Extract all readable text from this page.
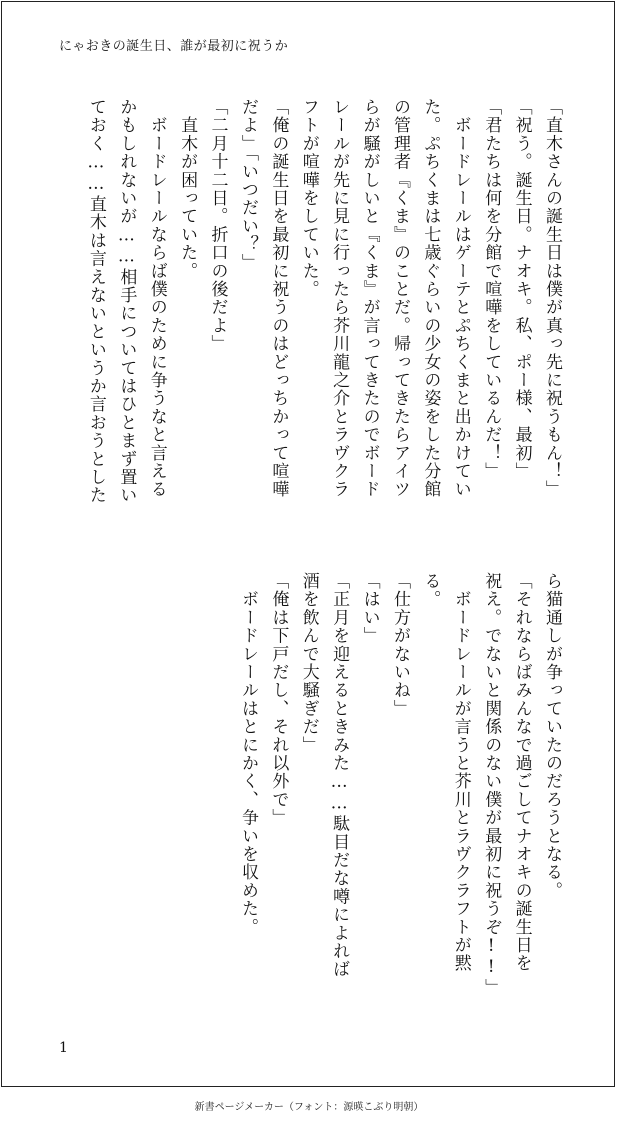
にゃおきの誕生日、誰が最初に祝うか
「直木さんの誕生日は僕が真っ先に祝うもん！」
「祝う。誕生日。ナオキ。私、ポー様、最初」
「君たちは何を分館で喧嘩をしているんだ！」
　ボードレールはゲーテとぷちくまと出かけてい
た。ぷちくまは七歳ぐらいの少女の姿をした分館
の管理者『くま』のことだ。帰ってきたらアイツ
らが騒がしいと『くま』が言ってきたのでボード
レールが先に見に行ったら芥川龍之介とラヴクラ
フトが喧嘩をしていた。
「俺の誕生日を最初に祝うのはどっちかって喧嘩
だよ」「いつだい？」
「二月十二日。折口の後だよ」
　直木が困っていた。
　ボードレールならば僕のために争うなと言える
かもしれないが……相手についてはひとまず置い
ておく……直木は言えないというか言おうとした
ら猫通しが争っていたのだろうとなる。
「それならばみんなで過ごしてナオキの誕生日を
祝え。でないと関係のない僕が最初に祝うぞ!!」
　ボードレールが言うと芥川とラヴクラフトが黙
る。
「仕方がないね」
「はい」
「正月を迎えるときみた……駄目だな噂によれば
酒を飲んで大騒ぎだ」
「俺は下戸だし、それ以外で」
　ボードレールはとにかく、争いを収めた。
1
新書ページメーカー（フォント：源暎こぶり明朝）
